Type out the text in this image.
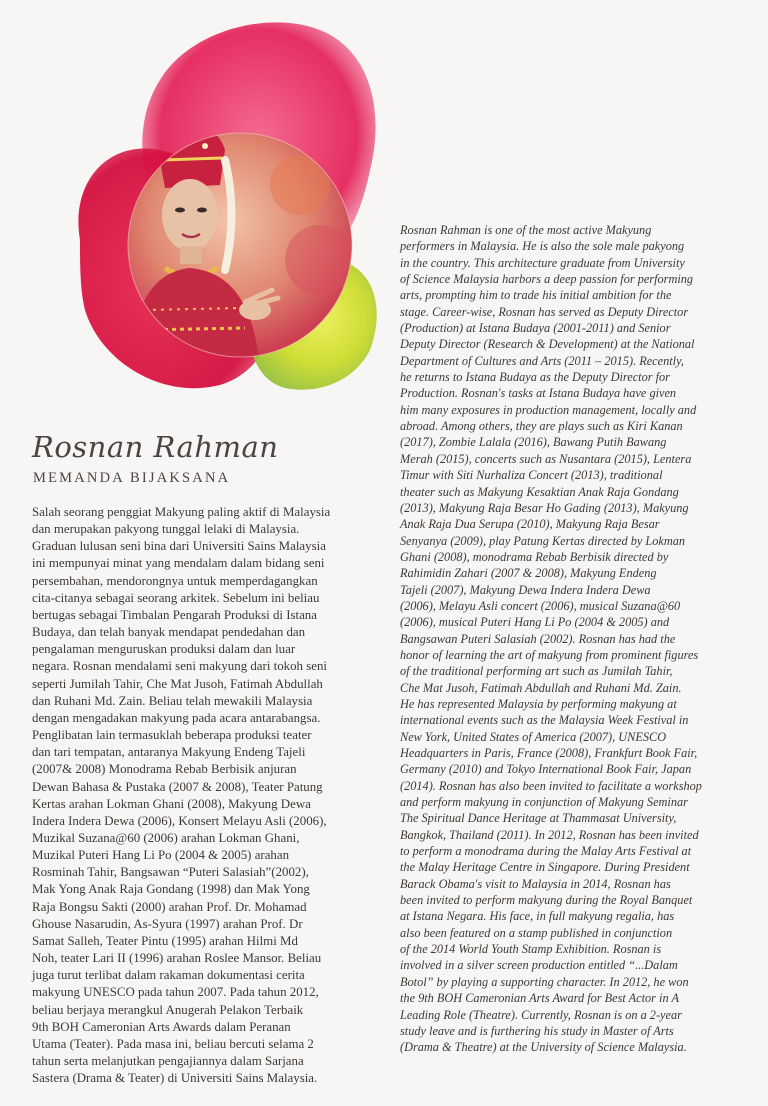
Rosnan Rahman
MEMANDA BIJAKSANA
Salah seorang penggiat Makyung paling aktif di Malaysia
dan merupakan pakyong tunggal lelaki di Malaysia.
Graduan lulusan seni bina dari Universiti Sains Malaysia
ini mempunyai minat yang mendalam dalam bidang seni
persembahan, mendorongnya untuk memperdagangkan
cita-citanya sebagai seorang arkitek. Sebelum ini beliau
bertugas sebagai Timbalan Pengarah Produksi di Istana
Budaya, dan telah banyak mendapat pendedahan dan
pengalaman menguruskan produksi dalam dan luar
negara. Rosnan mendalami seni makyung dari tokoh seni
seperti Jumilah Tahir, Che Mat Jusoh, Fatimah Abdullah
dan Ruhani Md. Zain. Beliau telah mewakili Malaysia
dengan mengadakan makyung pada acara antarabangsa.
Penglibatan lain termasuklah beberapa produksi teater
dan tari tempatan, antaranya Makyung Endeng Tajeli
(2007& 2008) Monodrama Rebab Berbisik anjuran
Dewan Bahasa & Pustaka (2007 & 2008), Teater Patung
Kertas arahan Lokman Ghani (2008), Makyung Dewa
Indera Indera Dewa (2006), Konsert Melayu Asli (2006),
Muzikal Suzana@60 (2006) arahan Lokman Ghani,
Muzikal Puteri Hang Li Po (2004 & 2005) arahan
Rosminah Tahir, Bangsawan “Puteri Salasiah”(2002),
Mak Yong Anak Raja Gondang (1998) dan Mak Yong
Raja Bongsu Sakti (2000) arahan Prof. Dr. Mohamad
Ghouse Nasarudin, As-Syura (1997) arahan Prof. Dr
Samat Salleh, Teater Pintu (1995) arahan Hilmi Md
Noh, teater Lari II (1996) arahan Roslee Mansor. Beliau
juga turut terlibat dalam rakaman dokumentasi cerita
makyung UNESCO pada tahun 2007. Pada tahun 2012,
beliau berjaya merangkul Anugerah Pelakon Terbaik
9th BOH Cameronian Arts Awards dalam Peranan
Utama (Teater). Pada masa ini, beliau bercuti selama 2
tahun serta melanjutkan pengajiannya dalam Sarjana
Sastera (Drama & Teater) di Universiti Sains Malaysia.
Rosnan Rahman is one of the most active Makyung
performers in Malaysia. He is also the sole male pakyong
in the country. This architecture graduate from University
of Science Malaysia harbors a deep passion for performing
arts, prompting him to trade his initial ambition for the
stage. Career-wise, Rosnan has served as Deputy Director
(Production) at Istana Budaya (2001-2011) and Senior
Deputy Director (Research & Development) at the National
Department of Cultures and Arts (2011 – 2015). Recently,
he returns to Istana Budaya as the Deputy Director for
Production. Rosnan's tasks at Istana Budaya have given
him many exposures in production management, locally and
abroad. Among others, they are plays such as Kiri Kanan
(2017), Zombie Lalala (2016), Bawang Putih Bawang
Merah (2015), concerts such as Nusantara (2015), Lentera
Timur with Siti Nurhaliza Concert (2013), traditional
theater such as Makyung Kesaktian Anak Raja Gondang
(2013), Makyung Raja Besar Ho Gading (2013), Makyung
Anak Raja Dua Serupa (2010), Makyung Raja Besar
Senyanya (2009), play Patung Kertas directed by Lokman
Ghani (2008), monodrama Rebab Berbisik directed by
Rahimidin Zahari (2007 & 2008), Makyung Endeng
Tajeli (2007), Makyung Dewa Indera Indera Dewa
(2006), Melayu Asli concert (2006), musical Suzana@60
(2006), musical Puteri Hang Li Po (2004 & 2005) and
Bangsawan Puteri Salasiah (2002). Rosnan has had the
honor of learning the art of makyung from prominent figures
of the traditional performing art such as Jumilah Tahir,
Che Mat Jusoh, Fatimah Abdullah and Ruhani Md. Zain.
He has represented Malaysia by performing makyung at
international events such as the Malaysia Week Festival in
New York, United States of America (2007), UNESCO
Headquarters in Paris, France (2008), Frankfurt Book Fair,
Germany (2010) and Tokyo International Book Fair, Japan
(2014). Rosnan has also been invited to facilitate a workshop
and perform makyung in conjunction of Makyung Seminar
The Spiritual Dance Heritage at Thammasat University,
Bangkok, Thailand (2011). In 2012, Rosnan has been invited
to perform a monodrama during the Malay Arts Festival at
the Malay Heritage Centre in Singapore. During President
Barack Obama's visit to Malaysia in 2014, Rosnan has
been invited to perform makyung during the Royal Banquet
at Istana Negara. His face, in full makyung regalia, has
also been featured on a stamp published in conjunction
of the 2014 World Youth Stamp Exhibition. Rosnan is
involved in a silver screen production entitled “...Dalam
Botol” by playing a supporting character. In 2012, he won
the 9th BOH Cameronian Arts Award for Best Actor in A
Leading Role (Theatre). Currently, Rosnan is on a 2-year
study leave and is furthering his study in Master of Arts
(Drama & Theatre) at the University of Science Malaysia.
